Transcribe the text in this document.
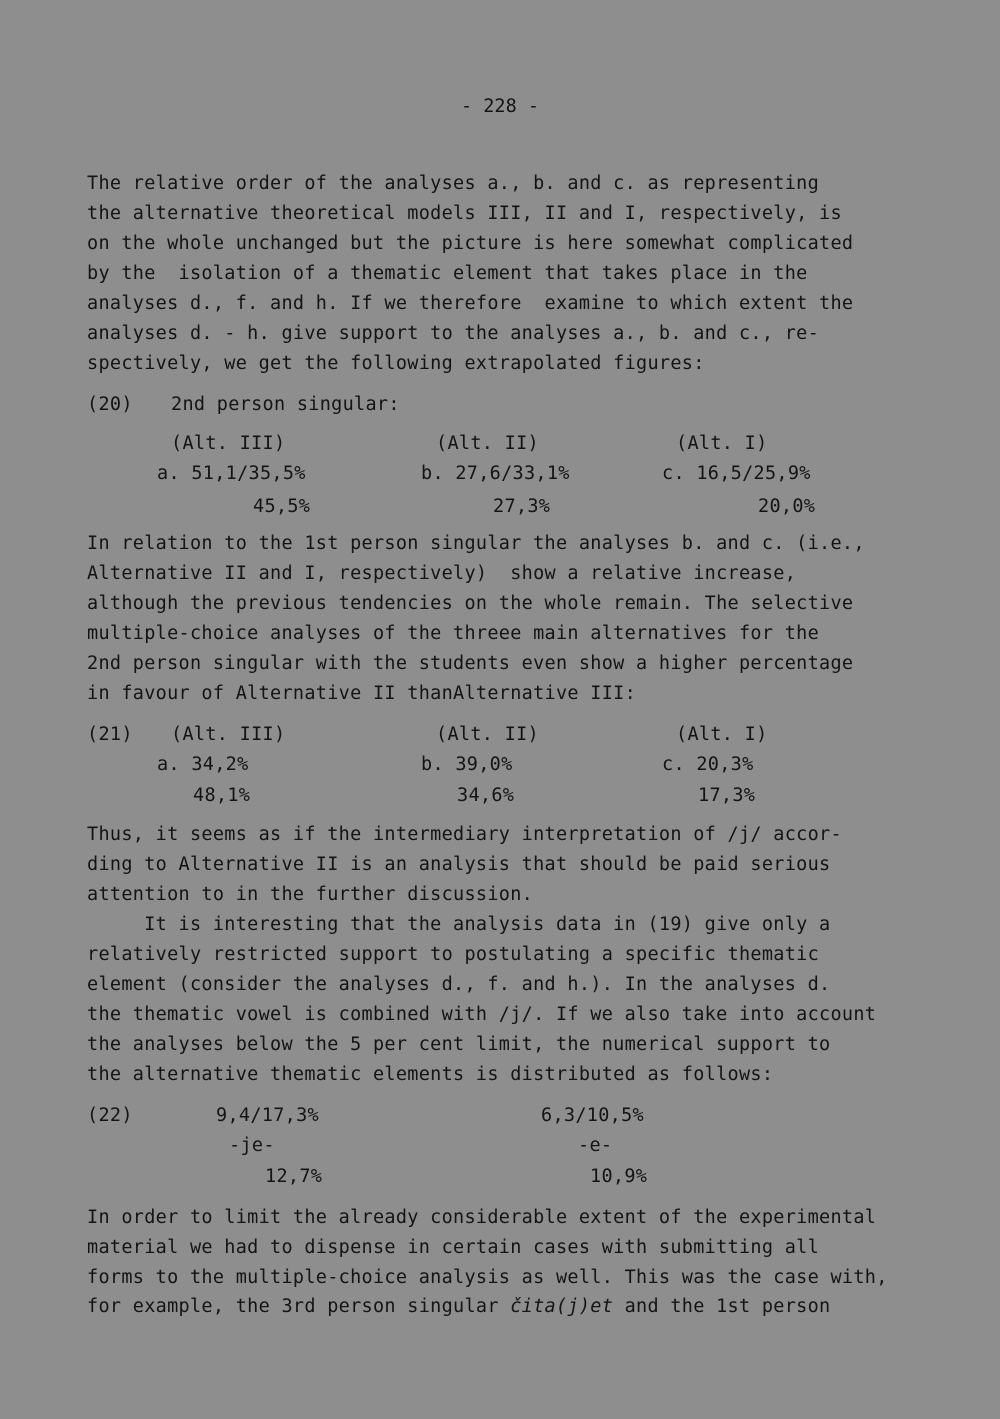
- 228 -
The relative order of the analyses a., b. and c. as representing
the alternative theoretical models III, II and I, respectively, is
on the whole unchanged but the picture is here somewhat complicated
by the  isolation of a thematic element that takes place in the
analyses d., f. and h. If we therefore  examine to which extent the
analyses d. - h. give support to the analyses a., b. and c., re-
spectively, we get the following extrapolated figures:
(20) 2nd person singular:
(Alt. III)	(Alt. II)	(Alt. I)
a. 51,1/35,5%	b. 27,6/33,1%	c. 16,5/25,9%
45,5%	27,3%	20,0%
In relation to the 1st person singular the analyses b. and c. (i.e.,
Alternative II and I, respectively)  show a relative increase,
although the previous tendencies on the whole remain. The selective
multiple-choice analyses of the threee main alternatives for the
2nd person singular with the students even show a higher percentage
in favour of Alternative II thanAlternative III:
(21) (Alt. III)	(Alt. II)	(Alt. I)
a. 34,2%	b. 39,0%	c. 20,3%
48,1%	34,6%	17,3%
Thus, it seems as if the intermediary interpretation of /j/ accor-
ding to Alternative II is an analysis that should be paid serious
attention to in the further discussion.
It is interesting that the analysis data in (19) give only a
relatively restricted support to postulating a specific thematic
element (consider the analyses d., f. and h.). In the analyses d.
the thematic vowel is combined with /j/. If we also take into account
the analyses below the 5 per cent limit, the numerical support to
the alternative thematic elements is distributed as follows:
(22)	9,4/17,3%	6,3/10,5%
-je-	-e-
12,7%	10,9%
In order to limit the already considerable extent of the experimental
material we had to dispense in certain cases with submitting all
forms to the multiple-choice analysis as well. This was the case with,
for example, the 3rd person singular čita(j)et and the 1st person
